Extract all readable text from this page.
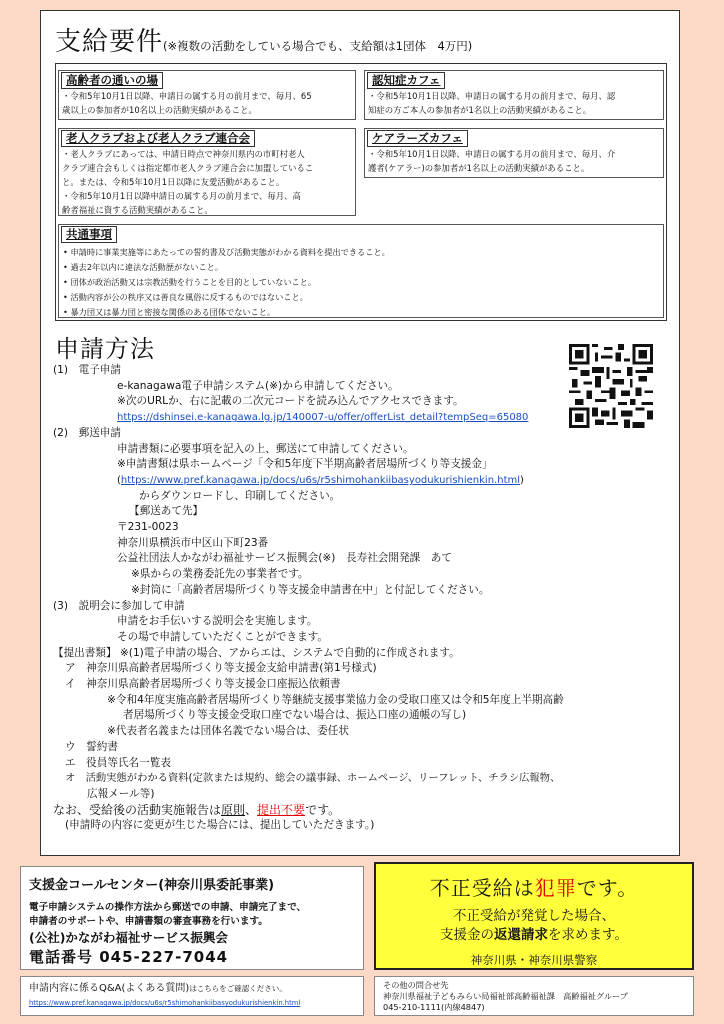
支給要件(※複数の活動をしている場合でも、支給額は1団体　4万円)
高齢者の通いの場
・令和5年10月1日以降、申請日の属する月の前月まで、毎月、65
歳以上の参加者が10名以上の活動実績があること。
認知症カフェ
・令和5年10月1日以降、申請日の属する月の前月まで、毎月、認
知症の方ご本人の参加者が1名以上の活動実績があること。
老人クラブおよび老人クラブ連合会
・老人クラブにあっては、申請日時点で神奈川県内の市町村老人
クラブ連合会もしくは指定都市老人クラブ連合会に加盟しているこ
と。または、令和5年10月1日以降に友愛活動があること。
・令和5年10月1日以降申請日の属する月の前月まで、毎月、高
齢者福祉に資する活動実績があること。
ケアラーズカフェ
・令和5年10月1日以降、申請日の属する月の前月まで、毎月、介
護者(ケアラー)の参加者が1名以上の活動実績があること。
共通事項
• 申請時に事業実施等にあたっての誓約書及び活動実態がわかる資料を提出できること。
• 過去2年以内に違法な活動歴がないこと。
• 団体が政治活動又は宗教活動を行うことを目的としていないこと。
• 活動内容が公の秩序又は善良な風俗に反するものではないこと。
• 暴力団又は暴力団と密接な関係のある団体でないこと。
申請方法
(1)　電子申請
e-kanagawa電子申請システム(※)から申請してください。
※次のURLか、右に記載の二次元コードを読み込んでアクセスできます。
https://dshinsei.e-kanagawa.lg.jp/140007-u/offer/offerList_detail?tempSeq=65080
(2)　郵送申請
申請書類に必要事項を記入の上、郵送にて申請してください。
※申請書類は県ホームページ「令和5年度下半期高齢者居場所づくり等支援金」
(https://www.pref.kanagawa.jp/docs/u6s/r5shimohankiibasyodukurishienkin.html)
からダウンロードし、印刷してください。
【郵送あて先】
〒231-0023
神奈川県横浜市中区山下町23番
公益社団法人かながわ福祉サービス振興会(※)　長寿社会開発課　あて
※県からの業務委託先の事業者です。
※封筒に「高齢者居場所づくり等支援金申請書在中」と付記してください。
(3)　説明会に参加して申請
申請をお手伝いする説明会を実施します。
その場で申請していただくことができます。
【提出書類】 ※(1)電子申請の場合、アからエは、システムで自動的に作成されます。
ア　神奈川県高齢者居場所づくり等支援金支給申請書(第1号様式)
イ　神奈川県高齢者居場所づくり等支援金口座振込依頼書
※令和4年度実施高齢者居場所づくり等継続支援事業協力金の受取口座又は令和5年度上半期高齢
者居場所づくり等支援金受取口座でない場合は、振込口座の通帳の写し)
※代表者名義または団体名義でない場合は、委任状
ウ　誓約書
エ　役員等氏名一覧表
オ　活動実態がわかる資料(定款または規約、総会の議事録、ホームページ、リーフレット、チラシ広報物、
広報メール等)
なお、受給後の活動実施報告は原則、提出不要です。
(申請時の内容に変更が生じた場合には、提出していただきます。)
支援金コールセンター(神奈川県委託事業)
電子申請システムの操作方法から郵送での申請、申請完了まで、
申請者のサポートや、申請書類の審査事務を行います。
(公社)かながわ福祉サービス振興会
電話番号 045-227-7044
不正受給は犯罪です。
不正受給が発覚した場合、
支援金の返還請求を求めます。
神奈川県・神奈川県警察
申請内容に係るQ&A(よくある質問)はこちらをご確認ください。
https://www.pref.kanagawa.jp/docs/u6s/r5shimohankiibasyodukurishienkin.html
その他の問合せ先
神奈川県福祉子どもみらい局福祉部高齢福祉課　高齢福祉グループ
045-210-1111(内線4847)
